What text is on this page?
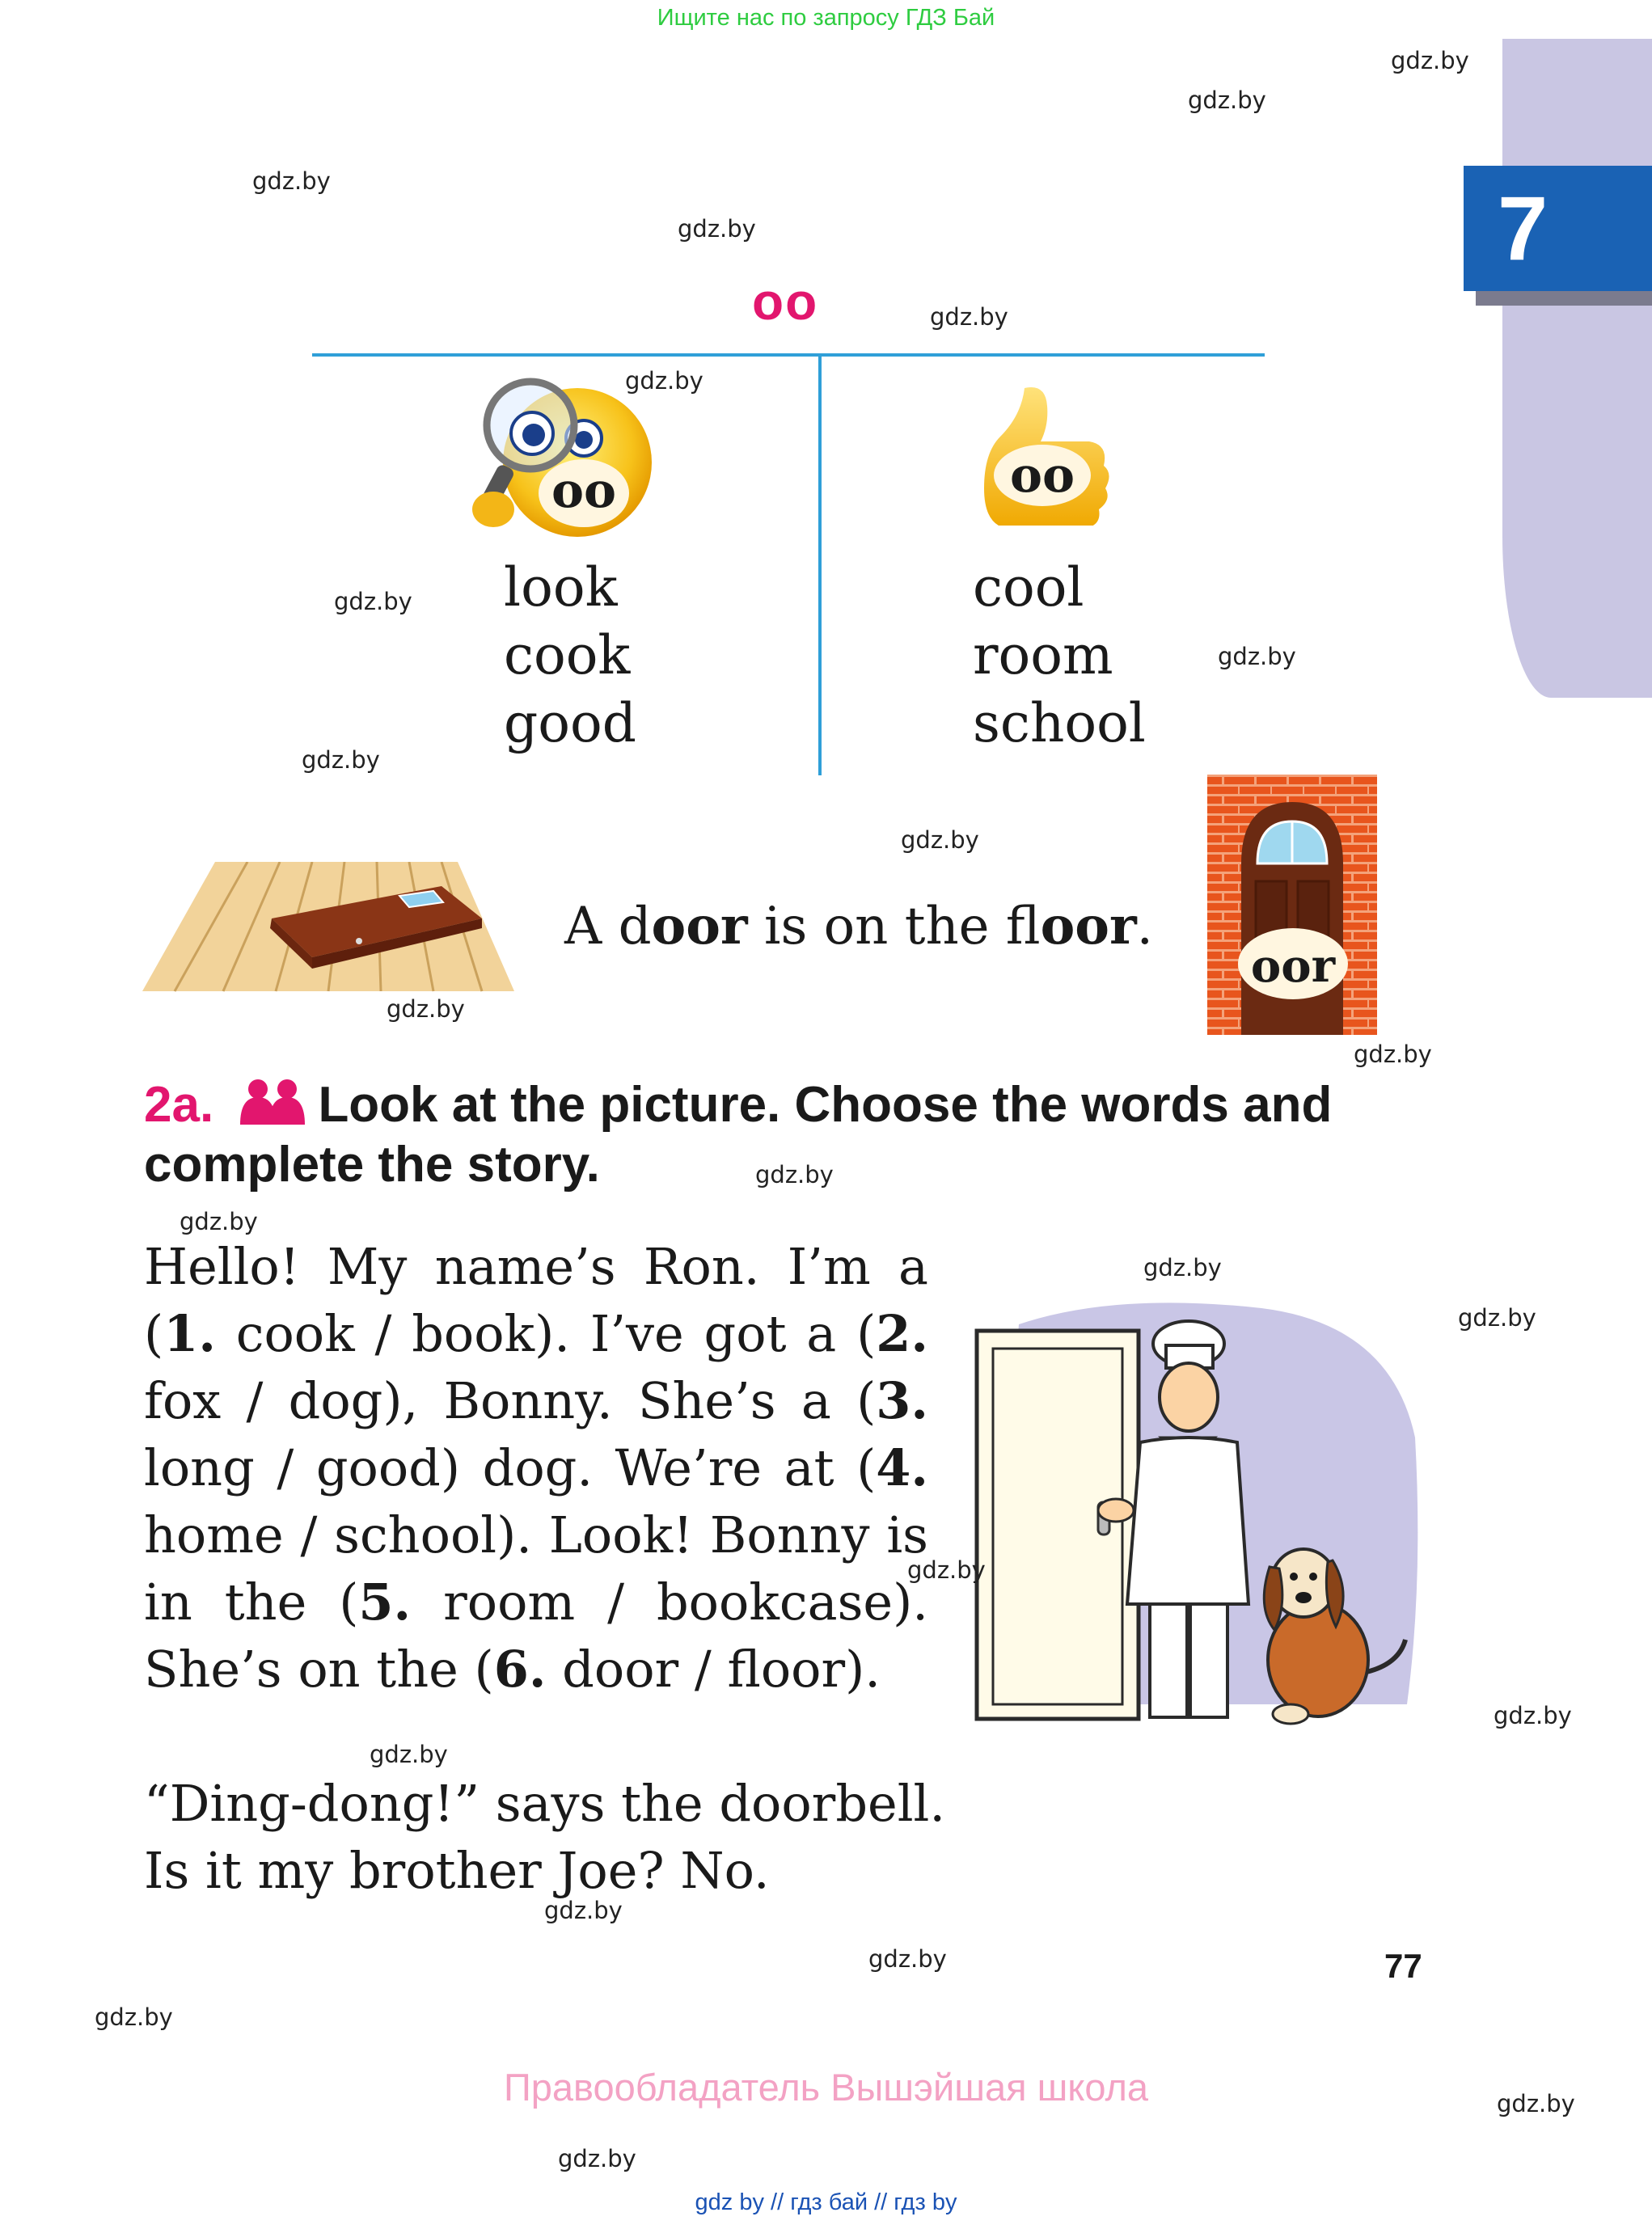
Ищите нас по запросу ГДЗ Бай
7
oo
oo	oo
look
cook
good
cool
room
school
A door is on the floor.
oor
2a. Look at the picture. Choose the words and complete the story.
Hello! My name’s Ron. I’m a (1. cook / book). I’ve got a (2. fox / dog), Bonny. She’s a (3. long / good) dog. We’re at (4. home / school). Look! Bonny is in the (5. room / bookcase). She’s on the (6. door / floor).
“Ding-dong!” says the doorbell.
Is it my brother Joe? No.
gdz.by
gdz.by
gdz.by
gdz.by
gdz.by
gdz.by
gdz.by
gdz.by
gdz.by
gdz.by
gdz.by
gdz.by
gdz.by
gdz.by
gdz.by
gdz.by
gdz.by
gdz.by
gdz.by
gdz.by
gdz.by
gdz.by
gdz.by
gdz.by
77
Правообладатель Вышэйшая школа
gdz by // гдз бай // гдз by
